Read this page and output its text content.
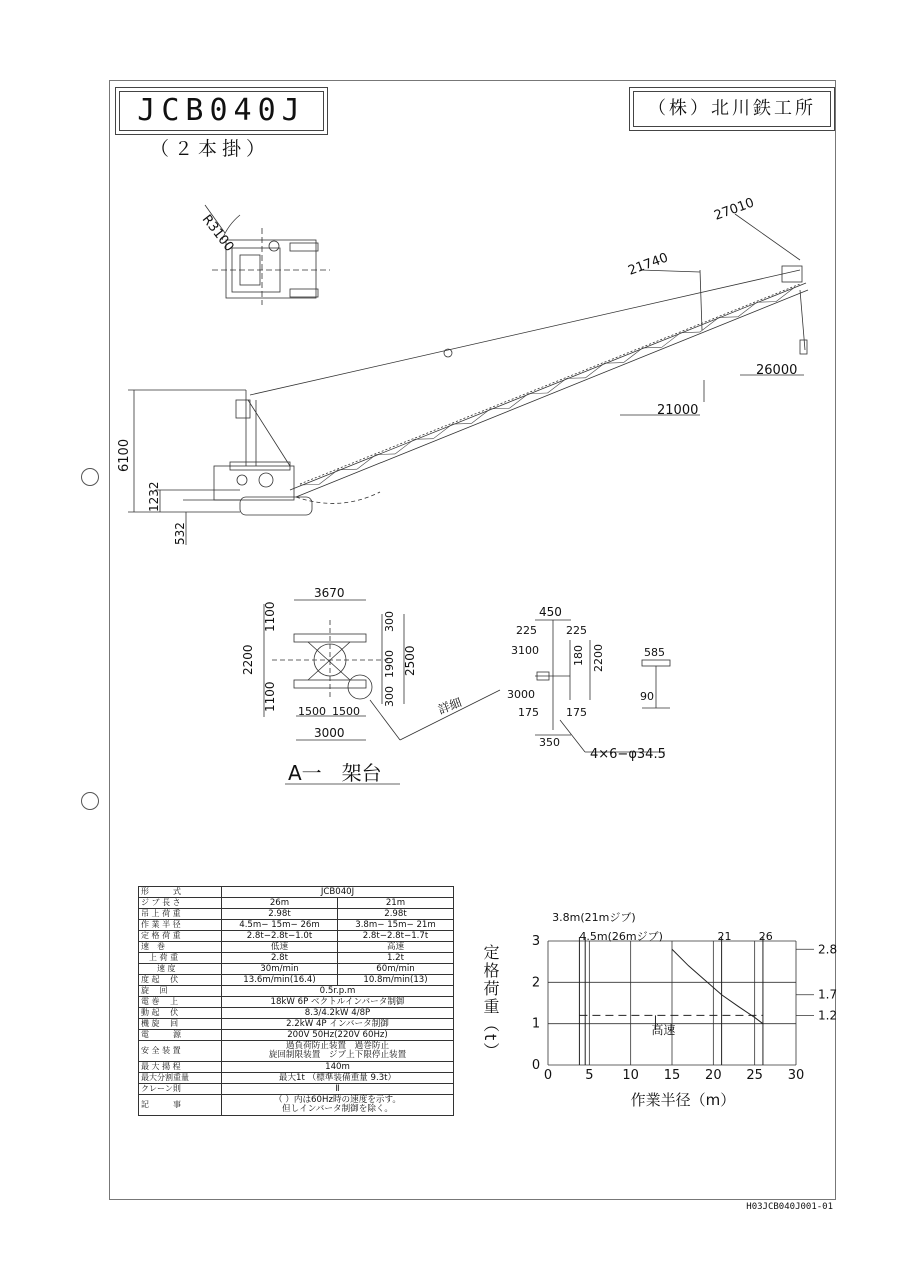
JCB040J
（２本掛）
（株）北川鉄工所
H03JCB040J001-01
R3100
6100
1232
532
27010
21740
26000
21000
3670
1100
2200
1100
300
1900
300
2500
1500 1500
3000
詳細
A一　架台
450
225	225
3100	180 2200
3000
175 175
350
4×6−φ34.5
585
90
形　　　式	JCB040J	
ジ ブ 長 さ	26m	21m
吊 上 荷 重	2.98t	2.98t
作 業 半 径	4.5m− 15m− 26m	3.8m− 15m− 21m
定 格 荷 重	2.8t−2.8t−1.0t	2.8t−2.8t−1.7t
速　巻　	低速	高速
　上 荷 重	2.8t	1.2t
　　速 度	30m/min	60m/min
度 起　 伏	13.6m/min(16.4)	10.8m/min(13)
旋　 回	0.5r.p.m	
電 巻　 上	18kW 6P ベクトルインバータ制御	
動 起　 伏	8.3/4.2kW 4/8P	
機 旋　 回	2.2kW 4P インバータ制御	
電　　　源	200V 50Hz(220V 60Hz)	
安 全 装 置	過負荷防止装置　過巻防止
旋回制限装置　ジブ上下限停止装置	

最 大 揚 程	140m	
最大分割重量	最大1t （標準装備重量 9.3t）	
クレーン則	Ⅱ	
記　　　事	（ ）内は60Hz時の速度を示す。
但しインバータ制御を除く。	
0	5 10 15 20 25 30
0
1
2
3
3.8m(21mジブ)
4.5m(26mジブ)	21 26
2.8
1.7
1.2
高速
作業半径（m）
定格荷重（t）
